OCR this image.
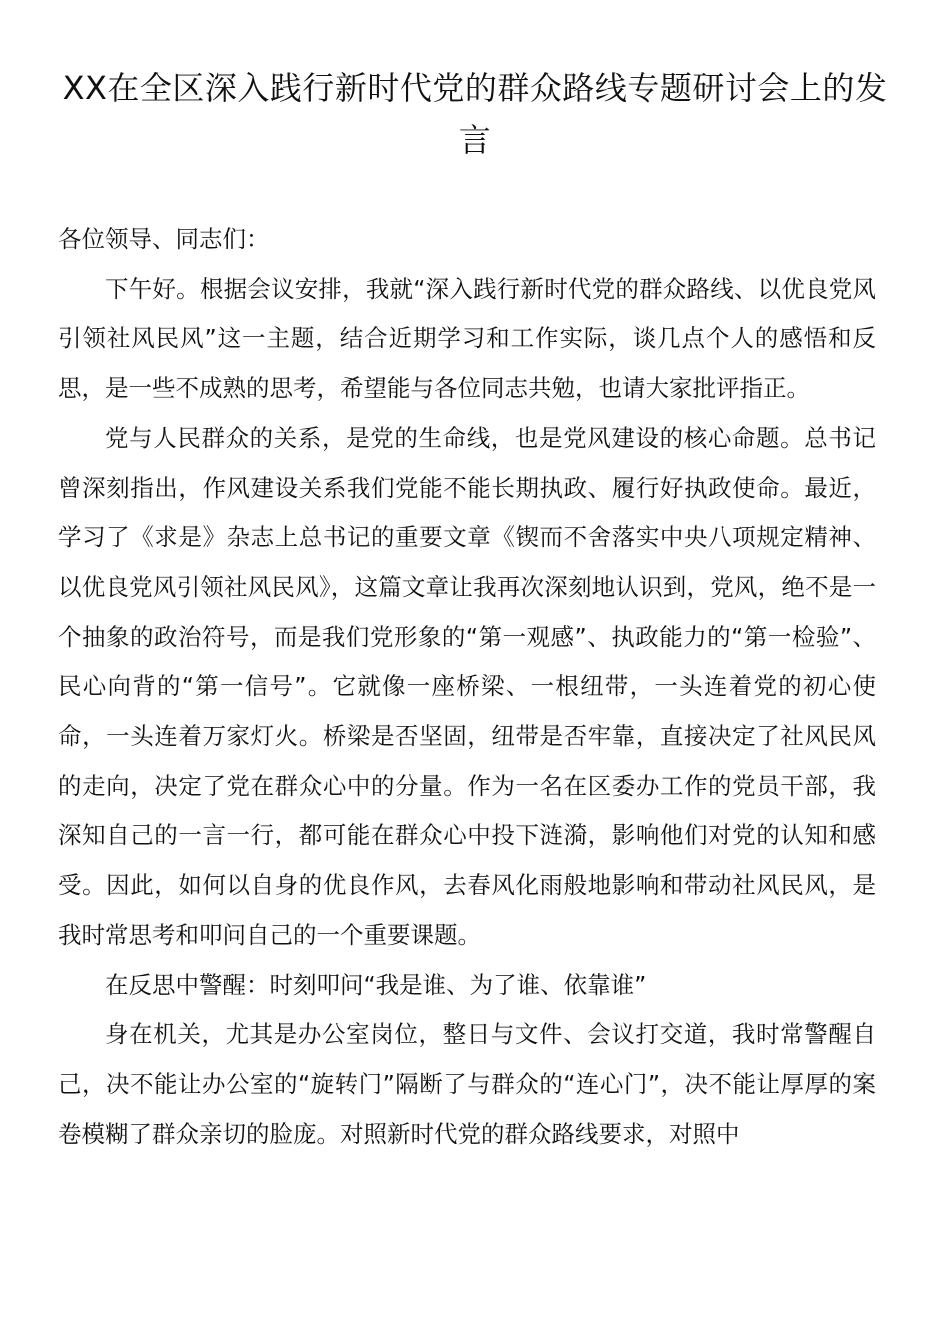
XX在全区深入践行新时代党的群众路线专题研讨会上的发言

各位领导、同志们：

下午好。根据会议安排，我就“深入践行新时代党的群众路线、以优良党风引领社风民风”这一主题，结合近期学习和工作实际，谈几点个人的感悟和反思，是一些不成熟的思考，希望能与各位同志共勉，也请大家批评指正。

党与人民群众的关系，是党的生命线，也是党风建设的核心命题。总书记曾深刻指出，作风建设关系我们党能不能长期执政、履行好执政使命。最近，学习了《求是》杂志上总书记的重要文章《锲而不舍落实中央八项规定精神、以优良党风引领社风民风》，这篇文章让我再次深刻地认识到，党风，绝不是一个抽象的政治符号，而是我们党形象的“第一观感”、执政能力的“第一检验”、民心向背的“第一信号”。它就像一座桥梁、一根纽带，一头连着党的初心使命，一头连着万家灯火。桥梁是否坚固，纽带是否牢靠，直接决定了社风民风的走向，决定了党在群众心中的分量。作为一名在区委办工作的党员干部，我深知自己的一言一行，都可能在群众心中投下涟漪，影响他们对党的认知和感受。因此，如何以自身的优良作风，去春风化雨般地影响和带动社风民风，是我时常思考和叩问自己的一个重要课题。

在反思中警醒：时刻叩问“我是谁、为了谁、依靠谁”

身在机关，尤其是办公室岗位，整日与文件、会议打交道，我时常警醒自己，决不能让办公室的“旋转门”隔断了与群众的“连心门”，决不能让厚厚的案卷模糊了群众亲切的脸庞。对照新时代党的群众路线要求，对照中
